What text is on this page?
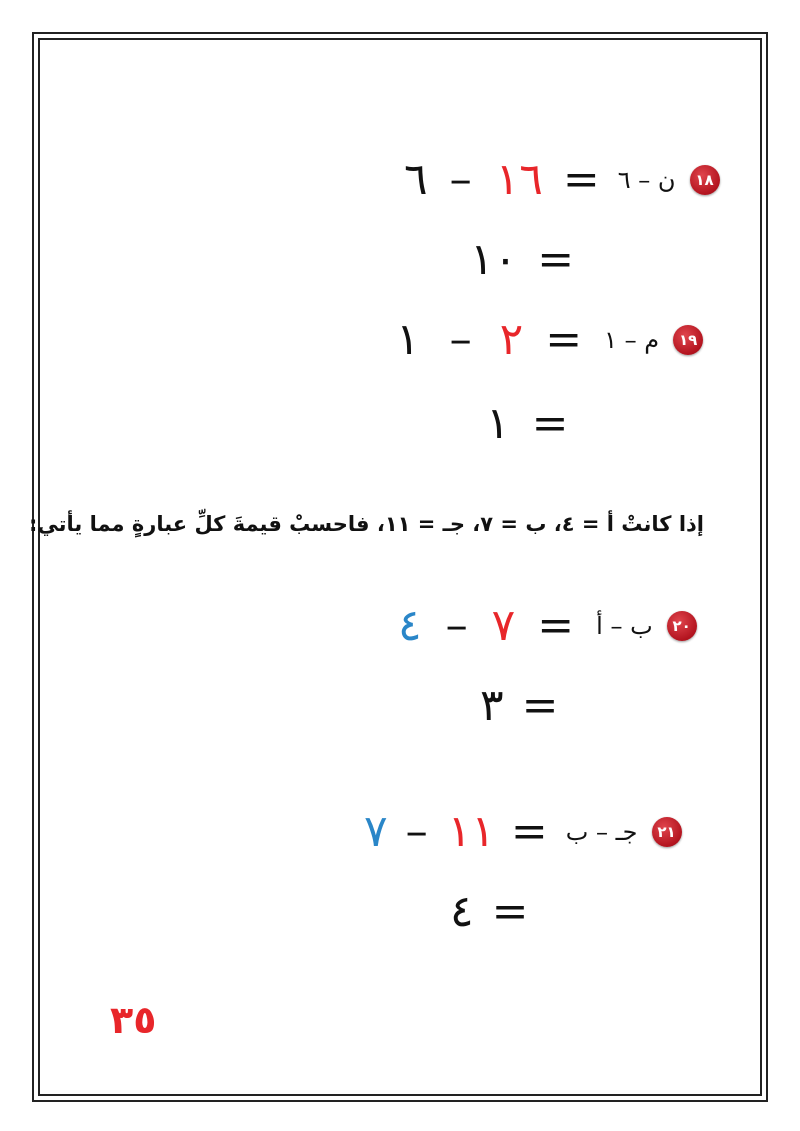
٦ – ١٦ = ن – ٦	١٨
١٠ =
١ – ٢ = م – ١	١٩
١ =
إذا كانتْ أ = ٤، ب = ٧، جـ = ١١، فاحسبْ قيمةَ كلِّ عبارةٍ مما يأتي:
٤ – ٧ = ب – أ	٢٠
٣ =
٧ – ١١ = جـ – ب	٢١
٤ =
٣٥
